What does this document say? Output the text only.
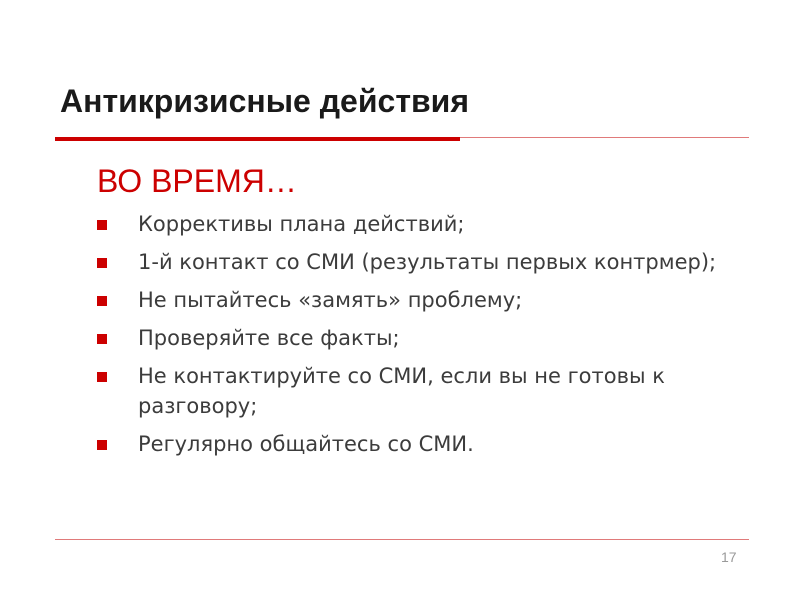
Антикризисные действия
ВО ВРЕМЯ…
Коррективы плана действий;
1-й контакт со СМИ (результаты первых контрмер);
Не пытайтесь «замять» проблему;
Проверяйте все факты;
Не контактируйте со СМИ, если вы не готовы к разговору;
Регулярно общайтесь со СМИ.
17
